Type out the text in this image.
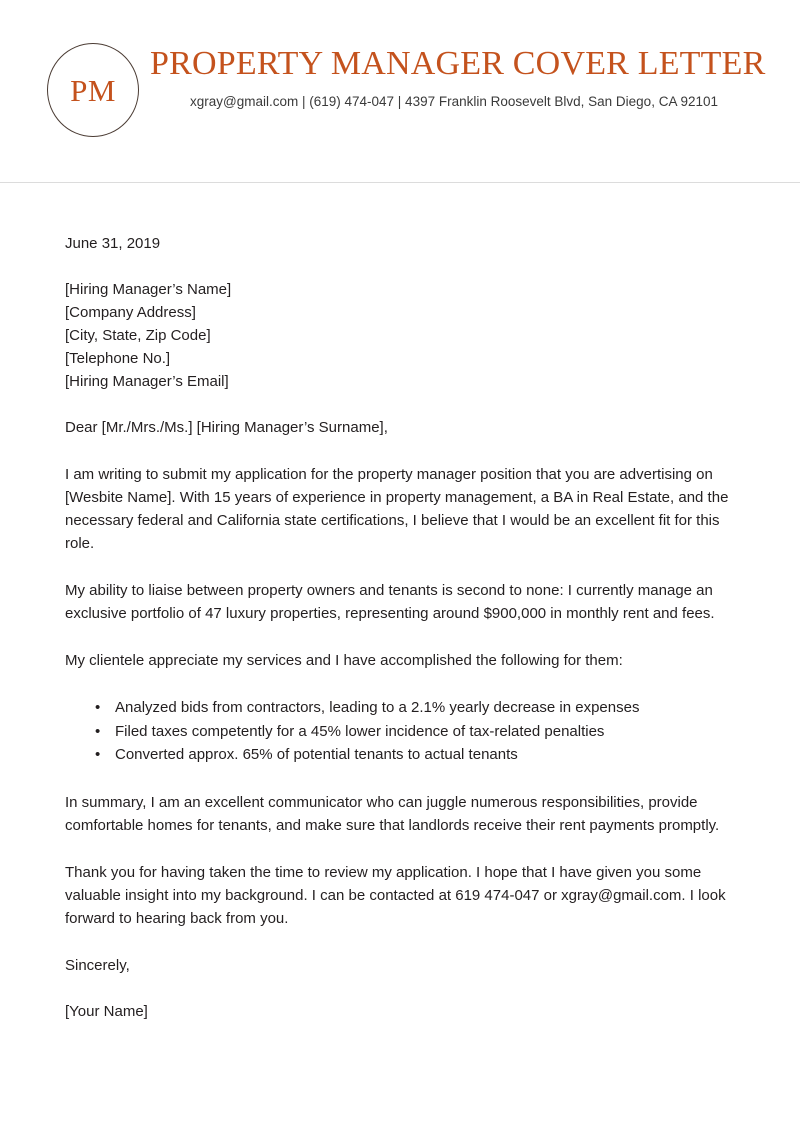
PM
PROPERTY MANAGER COVER LETTER
xgray@gmail.com | (619) 474-047 | 4397 Franklin Roosevelt Blvd, San Diego, CA 92101
June 31, 2019
[Hiring Manager’s Name]
[Company Address]
[City, State, Zip Code]
[Telephone No.]
[Hiring Manager’s Email]
Dear [Mr./Mrs./Ms.] [Hiring Manager’s Surname],

I am writing to submit my application for the property manager position that you are advertising on [Wesbite Name]. With 15 years of experience in property management, a BA in Real Estate, and the necessary federal and California state certifications, I believe that I would be an excellent fit for this role.

My ability to liaise between property owners and tenants is second to none: I currently manage an exclusive portfolio of 47 luxury properties, representing around $900,000 in monthly rent and fees.

My clientele appreciate my services and I have accomplished the following for them:

• Analyzed bids from contractors, leading to a 2.1% yearly decrease in expenses
• Filed taxes competently for a 45% lower incidence of tax-related penalties
• Converted approx. 65% of potential tenants to actual tenants

In summary, I am an excellent communicator who can juggle numerous responsibilities, provide comfortable homes for tenants, and make sure that landlords receive their rent payments promptly.

Thank you for having taken the time to review my application. I hope that I have given you some valuable insight into my background. I can be contacted at 619 474-047 or xgray@gmail.com. I look forward to hearing back from you.

Sincerely,
[Your Name]
